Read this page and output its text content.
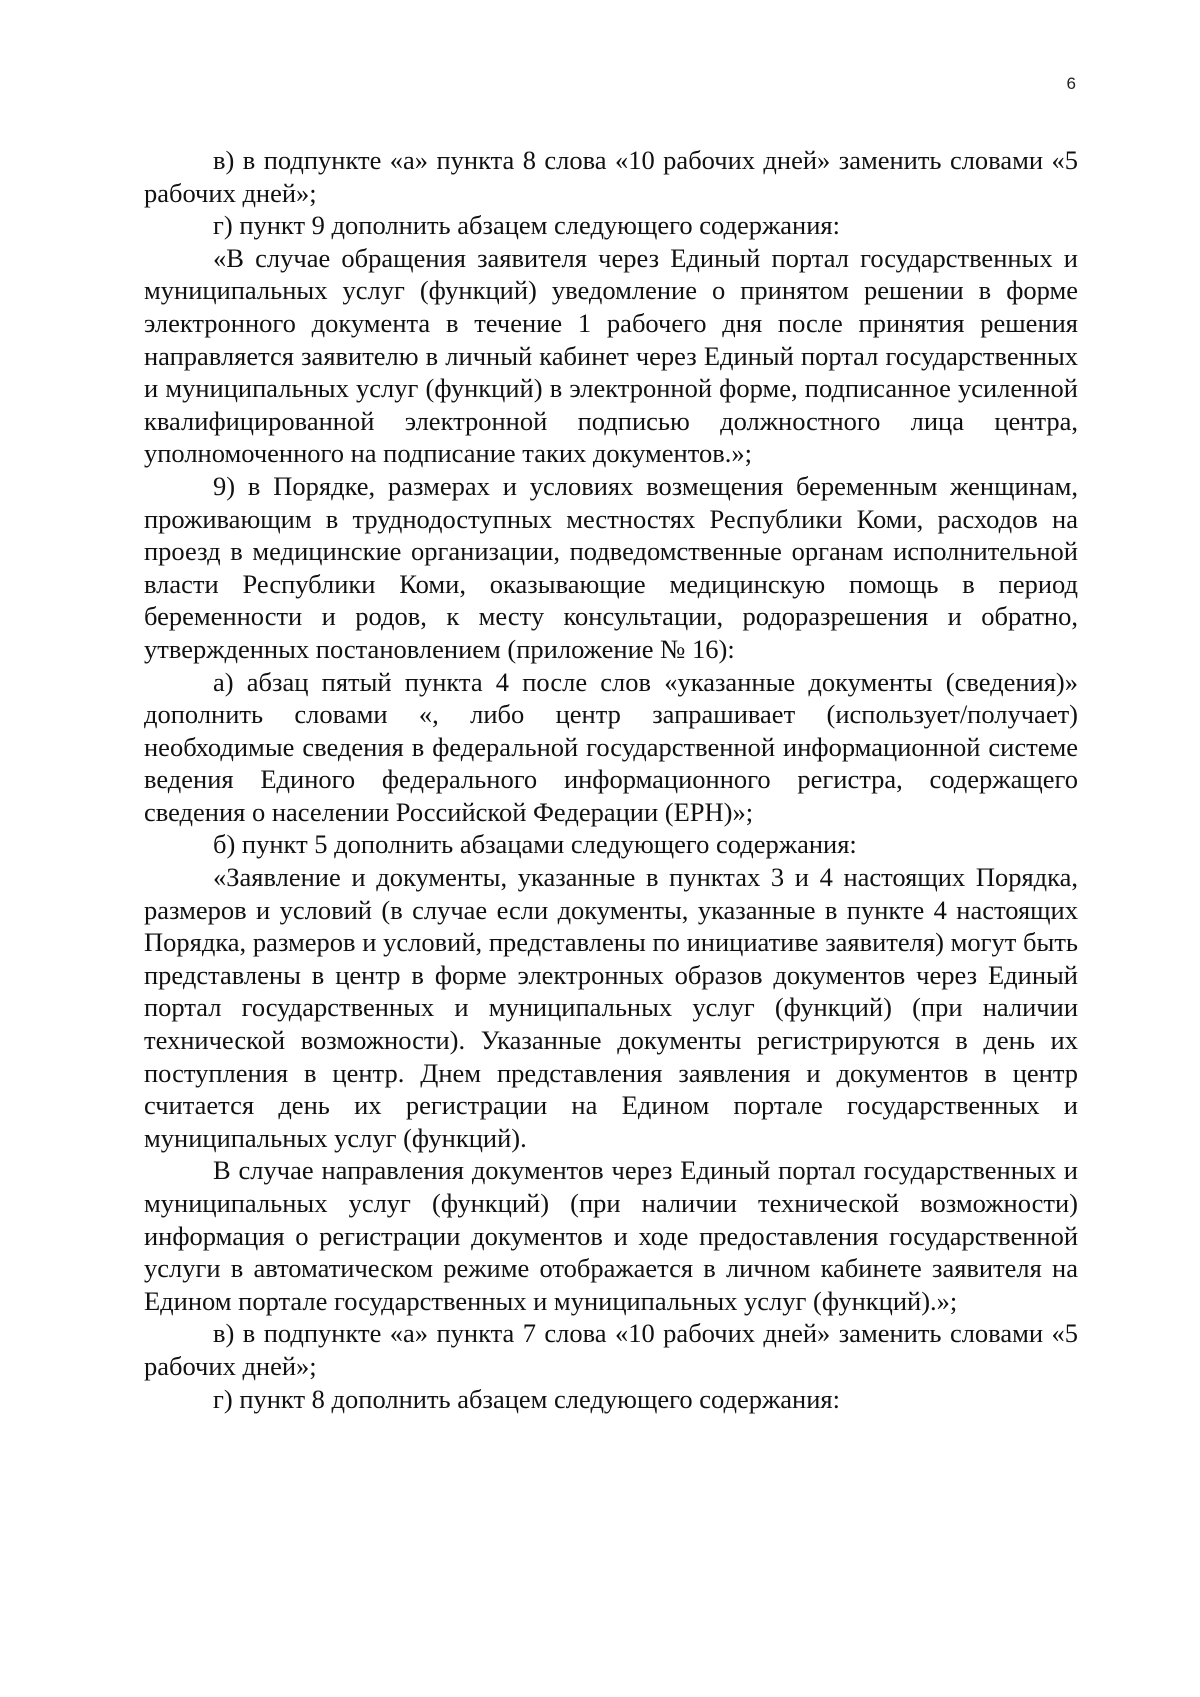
6

в) в подпункте «а» пункта 8 слова «10 рабочих дней» заменить словами «5 рабочих дней»;

г) пункт 9 дополнить абзацем следующего содержания:

«В случае обращения заявителя через Единый портал государственных и муниципальных услуг (функций) уведомление о принятом решении в форме электронного документа в течение 1 рабочего дня после принятия решения направляется заявителю в личный кабинет через Единый портал государственных и муниципальных услуг (функций) в электронной форме, подписанное усиленной квалифицированной электронной подписью должностного лица центра, уполномоченного на подписание таких документов.»;

9) в Порядке, размерах и условиях возмещения беременным женщинам, проживающим в труднодоступных местностях Республики Коми, расходов на проезд в медицинские организации, подведомственные органам исполнительной власти Республики Коми, оказывающие медицинскую помощь в период беременности и родов, к месту консультации, родоразрешения и обратно, утвержденных постановлением (приложение № 16):

а) абзац пятый пункта 4 после слов «указанные документы (сведения)» дополнить словами «, либо центр запрашивает (использует/получает) необходимые сведения в федеральной государственной информационной системе ведения Единого федерального информационного регистра, содержащего сведения о населении Российской Федерации (ЕРН)»;

б) пункт 5 дополнить абзацами следующего содержания:

«Заявление и документы, указанные в пунктах 3 и 4 настоящих Порядка, размеров и условий (в случае если документы, указанные в пункте 4 настоящих Порядка, размеров и условий, представлены по инициативе заявителя) могут быть представлены в центр в форме электронных образов документов через Единый портал государственных и муниципальных услуг (функций) (при наличии технической возможности). Указанные документы регистрируются в день их поступления в центр. Днем представления заявления и документов в центр считается день их регистрации на Едином портале государственных и муниципальных услуг (функций).

В случае направления документов через Единый портал государственных и муниципальных услуг (функций) (при наличии технической возможности) информация о регистрации документов и ходе предоставления государственной услуги в автоматическом режиме отображается в личном кабинете заявителя на Едином портале государственных и муниципальных услуг (функций).»;

в) в подпункте «а» пункта 7 слова «10 рабочих дней» заменить словами «5 рабочих дней»;

г) пункт 8 дополнить абзацем следующего содержания:
